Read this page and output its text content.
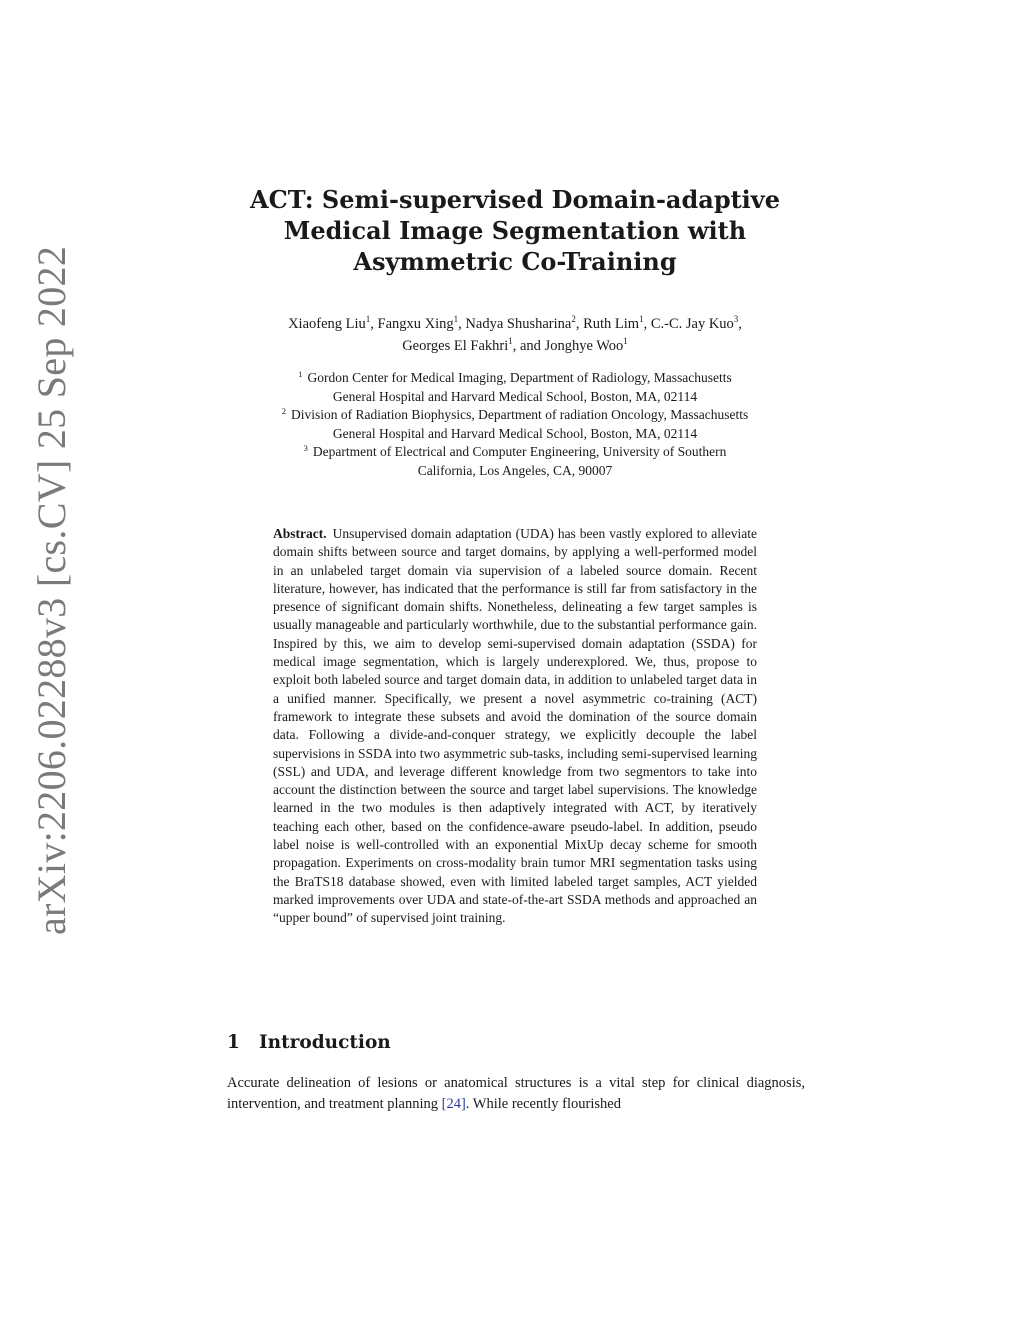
arXiv:2206.02288v3 [cs.CV] 25 Sep 2022
ACT: Semi-supervised Domain-adaptive Medical Image Segmentation with Asymmetric Co-Training
Xiaofeng Liu$^1$, Fangxu Xing$^1$, Nadya Shusharina$^2$, Ruth Lim$^1$, C.-C. Jay Kuo$^3$,
Georges El Fakhri$^1$, and Jonghye Woo$^1$
$^1$ Gordon Center for Medical Imaging, Department of Radiology, Massachusetts
General Hospital and Harvard Medical School, Boston, MA, 02114
$^2$ Division of Radiation Biophysics, Department of radiation Oncology, Massachusetts
General Hospital and Harvard Medical School, Boston, MA, 02114
$^3$ Department of Electrical and Computer Engineering, University of Southern
California, Los Angeles, CA, 90007
Abstract. Unsupervised domain adaptation (UDA) has been vastly explored to alleviate domain shifts between source and target domains, by applying a well-performed model in an unlabeled target domain via supervision of a labeled source domain. Recent literature, however, has indicated that the performance is still far from satisfactory in the presence of significant domain shifts. Nonetheless, delineating a few target samples is usually manageable and particularly worthwhile, due to the substantial performance gain. Inspired by this, we aim to develop semi-supervised domain adaptation (SSDA) for medical image segmentation, which is largely underexplored. We, thus, propose to exploit both labeled source and target domain data, in addition to unlabeled target data in a unified manner. Specifically, we present a novel asymmetric co-training (ACT) framework to integrate these subsets and avoid the domination of the source domain data. Following a divide-and-conquer strategy, we explicitly decouple the label supervisions in SSDA into two asymmetric sub-tasks, including semi-supervised learning (SSL) and UDA, and leverage different knowledge from two segmentors to take into account the distinction between the source and target label supervisions. The knowledge learned in the two modules is then adaptively integrated with ACT, by iteratively teaching each other, based on the confidence-aware pseudo-label. In addition, pseudo label noise is well-controlled with an exponential MixUp decay scheme for smooth propagation. Experiments on cross-modality brain tumor MRI segmentation tasks using the BraTS18 database showed, even with limited labeled target samples, ACT yielded marked improvements over UDA and state-of-the-art SSDA methods and approached an “upper bound” of supervised joint training.
1 Introduction
Accurate delineation of lesions or anatomical structures is a vital step for clinical diagnosis, intervention, and treatment planning [24]. While recently flourished
